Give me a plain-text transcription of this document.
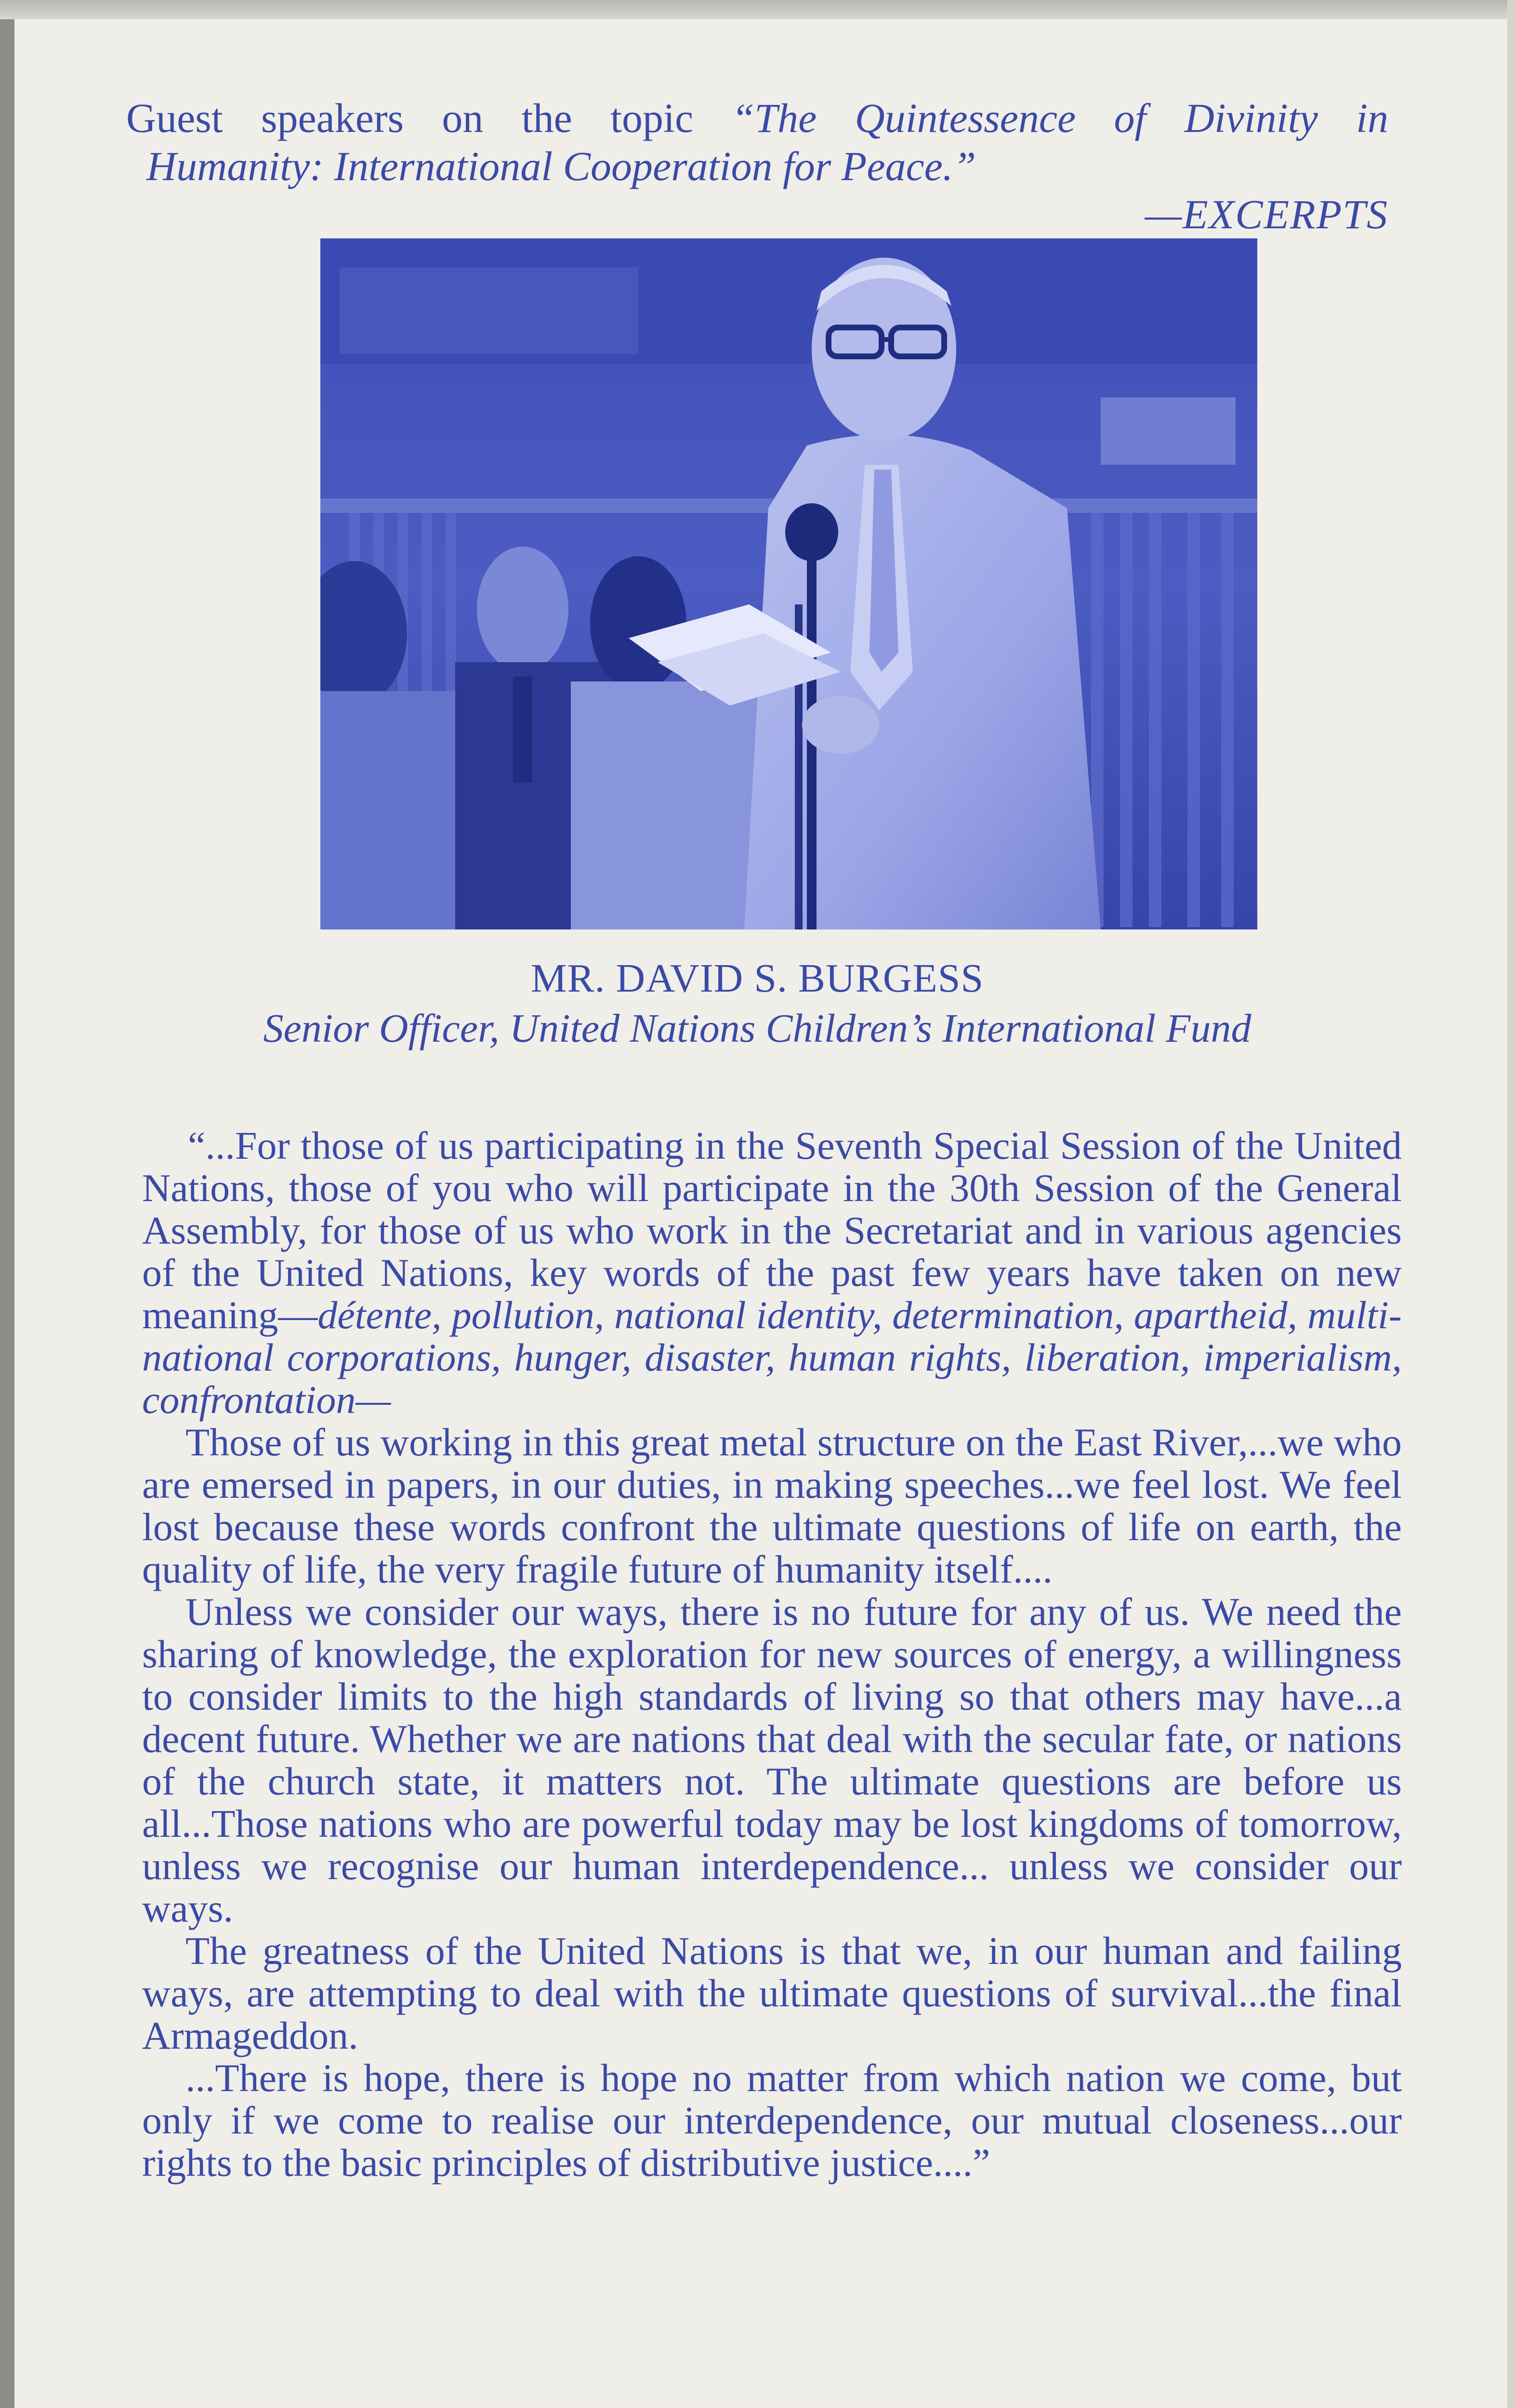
Guest speakers on the topic “The Quintessence of Divinity in
Humanity: International Cooperation for Peace.”
—EXCERPTS
MR. DAVID S. BURGESS
Senior Officer, United Nations Children’s International Fund

“...For those of us participating in the Seventh Special Session of the United Nations, those of you who will participate in the 30th Session of the General Assembly, for those of us who work in the Secretariat and in various agencies of the United Nations, key words of the past few years have taken on new meaning—détente, pollution, national identity, determination, apartheid, multi-national corporations, hunger, disaster, human rights, liberation, imperialism, confrontation—

Those of us working in this great metal structure on the East River,...we who are emersed in papers, in our duties, in making speeches...we feel lost. We feel lost because these words confront the ultimate questions of life on earth, the quality of life, the very fragile future of humanity itself....

Unless we consider our ways, there is no future for any of us. We need the sharing of knowledge, the exploration for new sources of energy, a willingness to consider limits to the high standards of living so that others may have...a decent future. Whether we are nations that deal with the secular fate, or nations of the church state, it matters not. The ultimate questions are before us all...Those nations who are powerful today may be lost kingdoms of tomorrow, unless we recognise our human interdependence... unless we consider our ways.

The greatness of the United Nations is that we, in our human and failing ways, are attempting to deal with the ultimate questions of survival...the final Armageddon.

...There is hope, there is hope no matter from which nation we come, but only if we come to realise our interdependence, our mutual closeness...our rights to the basic principles of distributive justice....”
